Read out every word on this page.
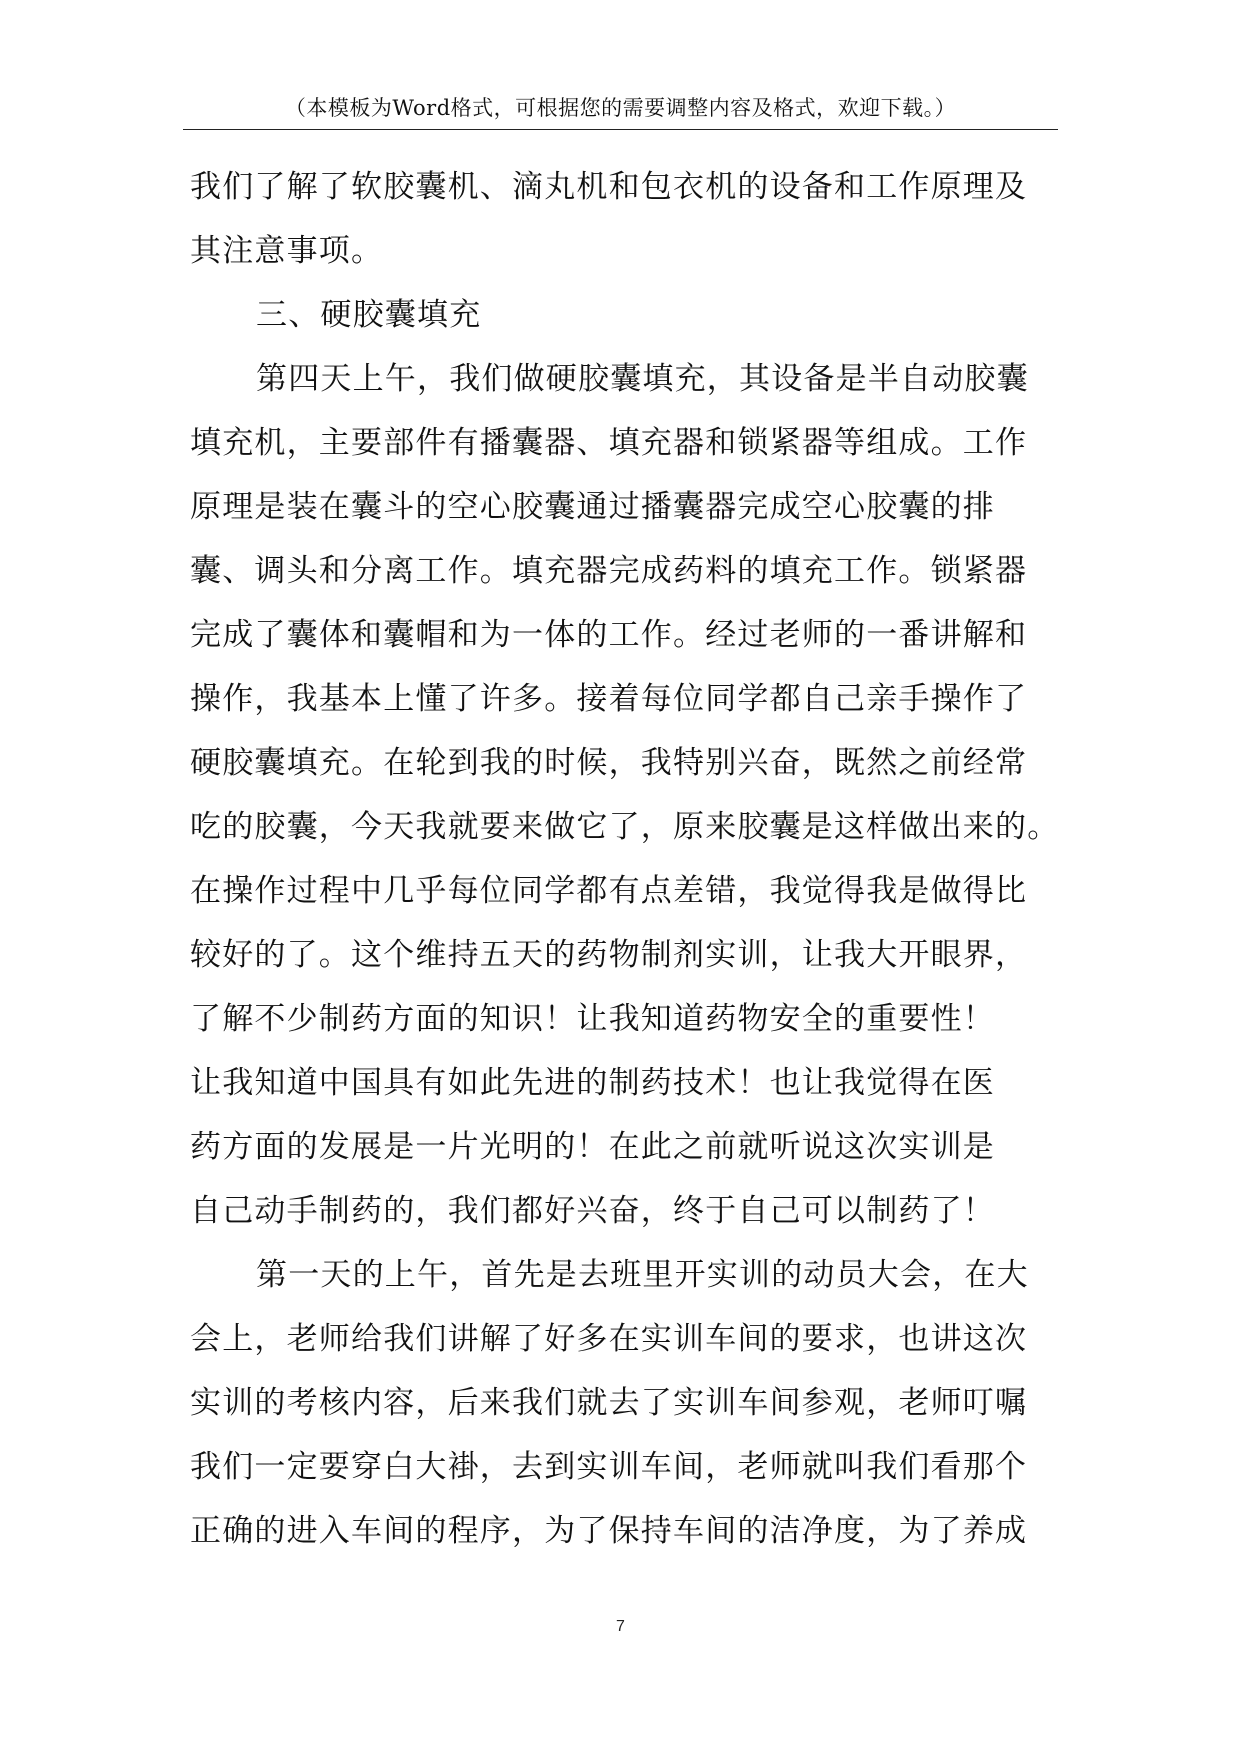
（本模板为Word格式，可根据您的需要调整内容及格式，欢迎下载。）
我们了解了软胶囊机、滴丸机和包衣机的设备和工作原理及
其注意事项。
三、硬胶囊填充
第四天上午，我们做硬胶囊填充，其设备是半自动胶囊
填充机，主要部件有播囊器、填充器和锁紧器等组成。工作
原理是装在囊斗的空心胶囊通过播囊器完成空心胶囊的排
囊、调头和分离工作。填充器完成药料的填充工作。锁紧器
完成了囊体和囊帽和为一体的工作。经过老师的一番讲解和
操作，我基本上懂了许多。接着每位同学都自己亲手操作了
硬胶囊填充。在轮到我的时候，我特别兴奋，既然之前经常
吃的胶囊，今天我就要来做它了，原来胶囊是这样做出来的。
在操作过程中几乎每位同学都有点差错，我觉得我是做得比
较好的了。这个维持五天的药物制剂实训，让我大开眼界，
了解不少制药方面的知识！让我知道药物安全的重要性！
让我知道中国具有如此先进的制药技术！也让我觉得在医
药方面的发展是一片光明的！在此之前就听说这次实训是
自己动手制药的，我们都好兴奋，终于自己可以制药了！
第一天的上午，首先是去班里开实训的动员大会，在大
会上，老师给我们讲解了好多在实训车间的要求，也讲这次
实训的考核内容，后来我们就去了实训车间参观，老师叮嘱
我们一定要穿白大褂，去到实训车间，老师就叫我们看那个
正确的进入车间的程序，为了保持车间的洁净度，为了养成
7
